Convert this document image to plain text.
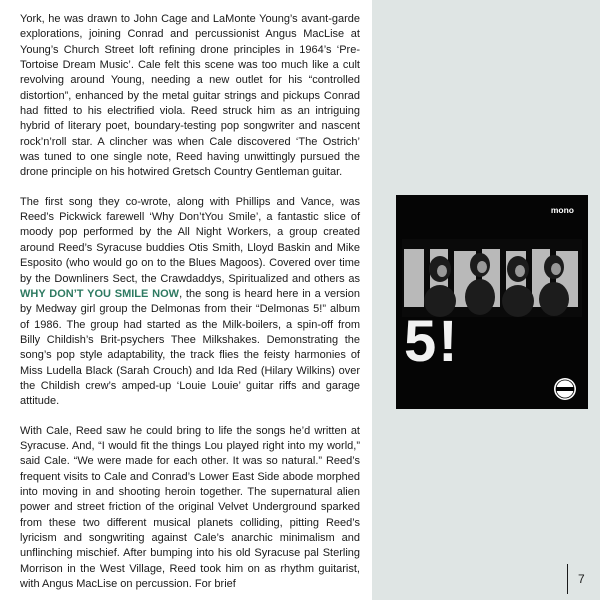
York, he was drawn to John Cage and LaMonte Young’s avant-garde explorations, joining Conrad and percussionist Angus MacLise at Young’s Church Street loft refining drone principles in 1964’s ‘Pre-Tortoise Dream Music’. Cale felt this scene was too much like a cult revolving around Young, needing a new outlet for his “controlled distortion”, enhanced by the metal guitar strings and pickups Conrad had fitted to his electrified viola. Reed struck him as an intriguing hybrid of literary poet, boundary-testing pop songwriter and nascent rock’n’roll star. A clincher was when Cale discovered ‘The Ostrich’ was tuned to one single note, Reed having unwittingly pursued the drone principle on his hotwired Gretsch Country Gentleman guitar.

The first song they co-wrote, along with Phillips and Vance, was Reed’s Pickwick farewell ‘Why Don’tYou Smile’, a fantastic slice of moody pop performed by the All Night Workers, a group created around Reed’s Syracuse buddies Otis Smith, Lloyd Baskin and Mike Esposito (who would go on to the Blues Magoos). Covered over time by the Downliners Sect, the Crawdaddys, Spiritualized and others as WHY DON’T YOU SMILE NOW, the song is heard here in a version by Medway girl group the Delmonas from their “Delmonas 5!” album of 1986. The group had started as the Milk-boilers, a spin-off from Billy Childish’s Brit-psychers Thee Milkshakes. Demonstrating the song’s pop style adaptability, the track flies the feisty harmonies of Miss Ludella Black (Sarah Crouch) and Ida Red (Hilary Wilkins) over the Childish crew’s amped-up ‘Louie Louie’ guitar riffs and garage attitude.

With Cale, Reed saw he could bring to life the songs he’d written at Syracuse. And, “I would fit the things Lou played right into my world,” said Cale. “We were made for each other. It was so natural.” Reed’s frequent visits to Cale and Conrad’s Lower East Side abode morphed into moving in and shooting heroin together. The supernatural alien power and street friction of the original Velvet Underground sparked from these two different musical planets colliding, pitting Reed’s lyricism and songwriting against Cale’s anarchic minimalism and unflinching mischief. After bumping into his old Syracuse pal Sterling Morrison in the West Village, Reed took him on as rhythm guitarist, with Angus MacLise on percussion. For brief

mono
5!
7
